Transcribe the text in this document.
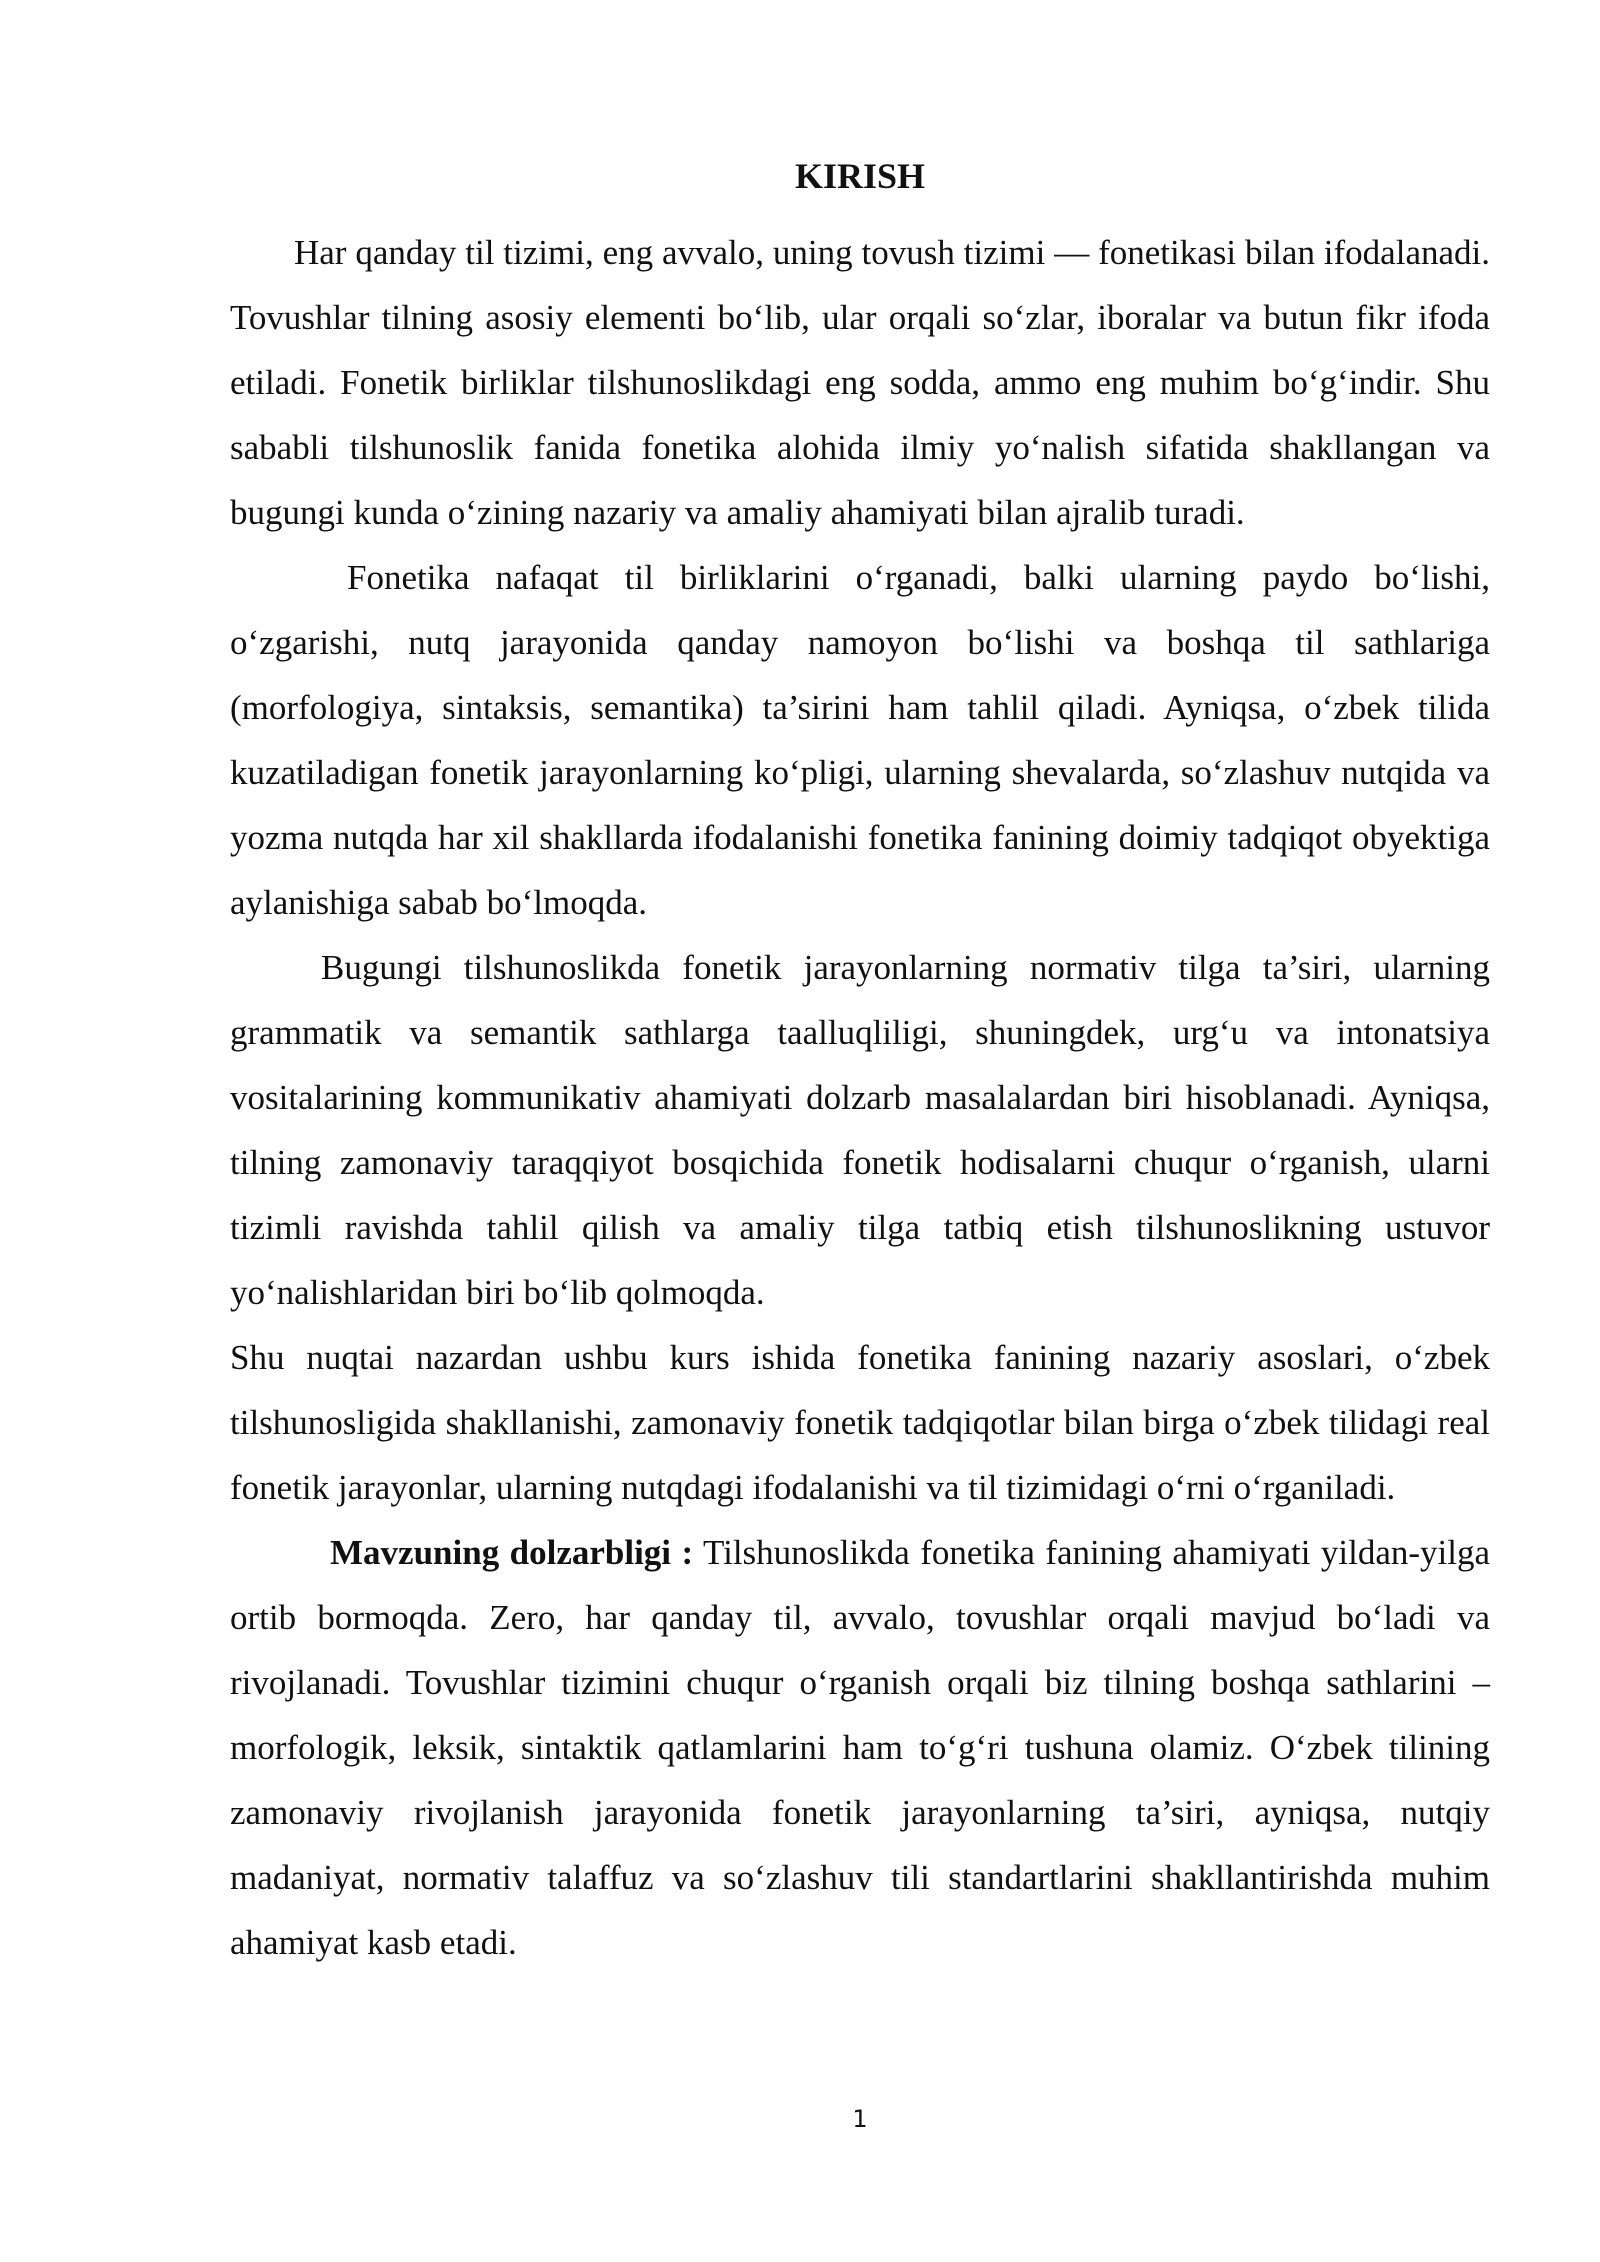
KIRISH

Har qanday til tizimi, eng avvalo, uning tovush tizimi — fonetikasi bilan ifodalanadi. Tovushlar tilning asosiy elementi bo‘lib, ular orqali so‘zlar, iboralar va butun fikr ifoda etiladi. Fonetik birliklar tilshunoslikdagi eng sodda, ammo eng muhim bo‘g‘indir. Shu sababli tilshunoslik fanida fonetika alohida ilmiy yo‘nalish sifatida shakllangan va bugungi kunda o‘zining nazariy va amaliy ahamiyati bilan ajralib turadi.

Fonetika nafaqat til birliklarini o‘rganadi, balki ularning paydo bo‘lishi, o‘zgarishi, nutq jarayonida qanday namoyon bo‘lishi va boshqa til sathlariga (morfologiya, sintaksis, semantika) ta’sirini ham tahlil qiladi. Ayniqsa, o‘zbek tilida kuzatiladigan fonetik jarayonlarning ko‘pligi, ularning shevalarda, so‘zlashuv nutqida va yozma nutqda har xil shakllarda ifodalanishi fonetika fanining doimiy tadqiqot obyektiga aylanishiga sabab bo‘lmoqda.

Bugungi tilshunoslikda fonetik jarayonlarning normativ tilga ta’siri, ularning grammatik va semantik sathlarga taalluqliligi, shuningdek, urg‘u va intonatsiya vositalarining kommunikativ ahamiyati dolzarb masalalardan biri hisoblanadi. Ayniqsa, tilning zamonaviy taraqqiyot bosqichida fonetik hodisalarni chuqur o‘rganish, ularni tizimli ravishda tahlil qilish va amaliy tilga tatbiq etish tilshunoslikning ustuvor yo‘nalishlaridan biri bo‘lib qolmoqda.

Shu nuqtai nazardan ushbu kurs ishida fonetika fanining nazariy asoslari, o‘zbek tilshunosligida shakllanishi, zamonaviy fonetik tadqiqotlar bilan birga o‘zbek tilidagi real fonetik jarayonlar, ularning nutqdagi ifodalanishi va til tizimidagi o‘rni o‘rganiladi.

Mavzuning dolzarbligi : Tilshunoslikda fonetika fanining ahamiyati yildan-yilga ortib bormoqda. Zero, har qanday til, avvalo, tovushlar orqali mavjud bo‘ladi va rivojlanadi. Tovushlar tizimini chuqur o‘rganish orqali biz tilning boshqa sathlarini – morfologik, leksik, sintaktik qatlamlarini ham to‘g‘ri tushuna olamiz. O‘zbek tilining zamonaviy rivojlanish jarayonida fonetik jarayonlarning ta’siri, ayniqsa, nutqiy madaniyat, normativ talaffuz va so‘zlashuv tili standartlarini shakllantirishda muhim ahamiyat kasb etadi.

1
